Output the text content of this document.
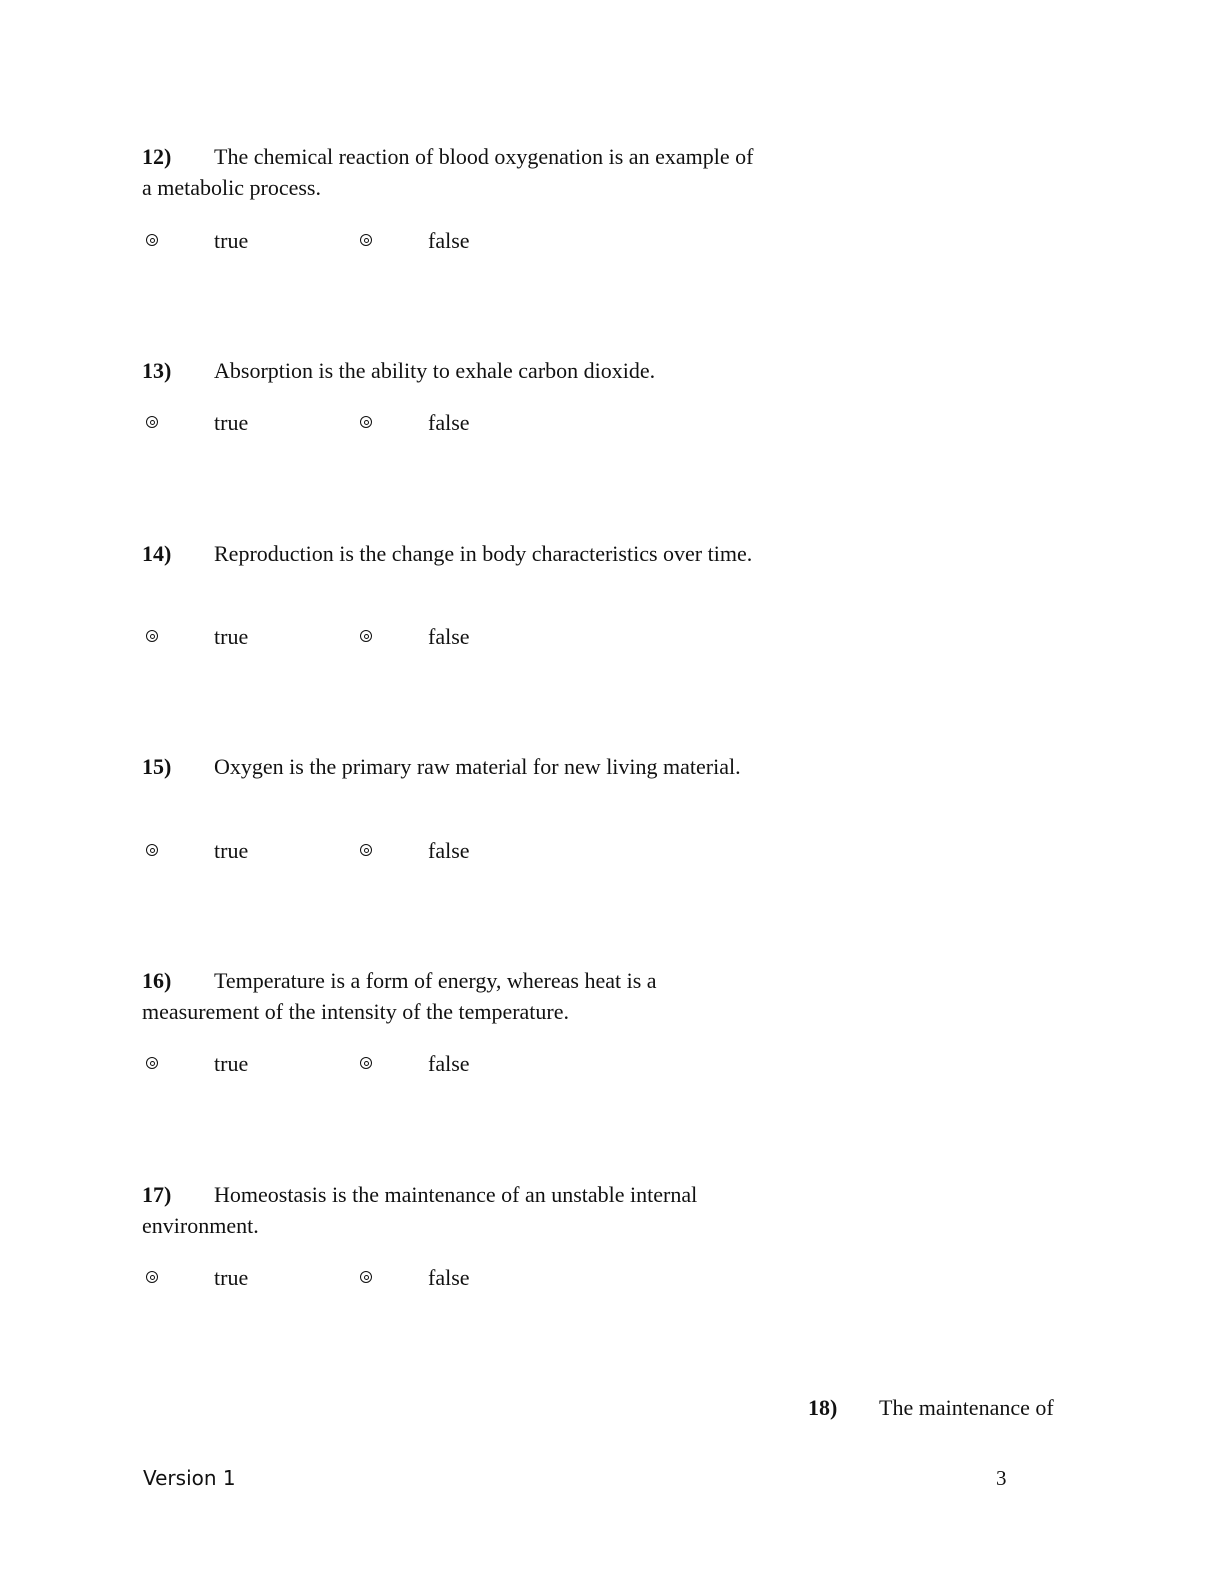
12) The chemical reaction of blood oxygenation is an example of a metabolic process.
true	false
13) Absorption is the ability to exhale carbon dioxide.
true	false
14) Reproduction is the change in body characteristics over time.
true	false
15) Oxygen is the primary raw material for new living material.
true	false
16) Temperature is a form of energy, whereas heat is a measurement of the intensity of the temperature.
true	false
17) Homeostasis is the maintenance of an unstable internal environment.
true	false
18) The maintenance of
Version 1	3
